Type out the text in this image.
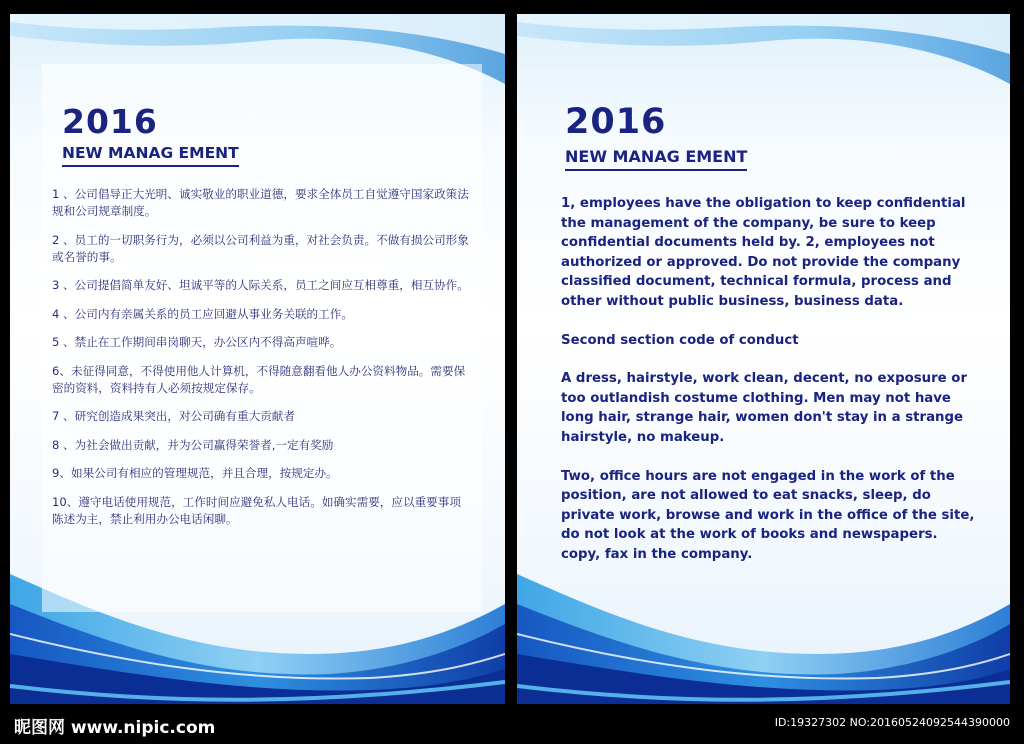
2016
NEW MANAG EMENT
1 、公司倡导正大光明、诚实敬业的职业道德，要求全体员工自觉遵守国家政策法规和公司规章制度。
2 、员工的一切职务行为，必须以公司利益为重，对社会负责。不做有损公司形象或名誉的事。
3 、公司提倡简单友好、坦诚平等的人际关系，员工之间应互相尊重，相互协作。
4 、公司内有亲属关系的员工应回避从事业务关联的工作。
5 、禁止在工作期间串岗聊天，办公区内不得高声喧哗。
6、未征得同意，不得使用他人计算机，不得随意翻看他人办公资料物品。需要保密的资料，资料持有人必须按规定保存。
7 、研究创造成果突出，对公司确有重大贡献者
8 、为社会做出贡献，并为公司赢得荣誉者,一定有奖励
9、如果公司有相应的管理规范，并且合理，按规定办。
10、遵守电话使用规范，工作时间应避免私人电话。如确实需要，应以重要事项陈述为主，禁止利用办公电话闲聊。
2016
NEW MANAG EMENT

1, employees have the obligation to keep confidential
the management of the company, be sure to keep
confidential documents held by. 2, employees not
authorized or approved. Do not provide the company
classified document, technical formula, process and
other without public business, business data.

Second section code of conduct

A dress, hairstyle, work clean, decent, no exposure or
too outlandish costume clothing. Men may not have
long hair, strange hair, women don't stay in a strange
hairstyle, no makeup.

Two, office hours are not engaged in the work of the
position, are not allowed to eat snacks, sleep, do
private work, browse and work in the office of the site,
do not look at the work of books and newspapers.
copy, fax in the company.

昵图网 www.nipic.com	ID:19327302 NO:20160524092544390000
